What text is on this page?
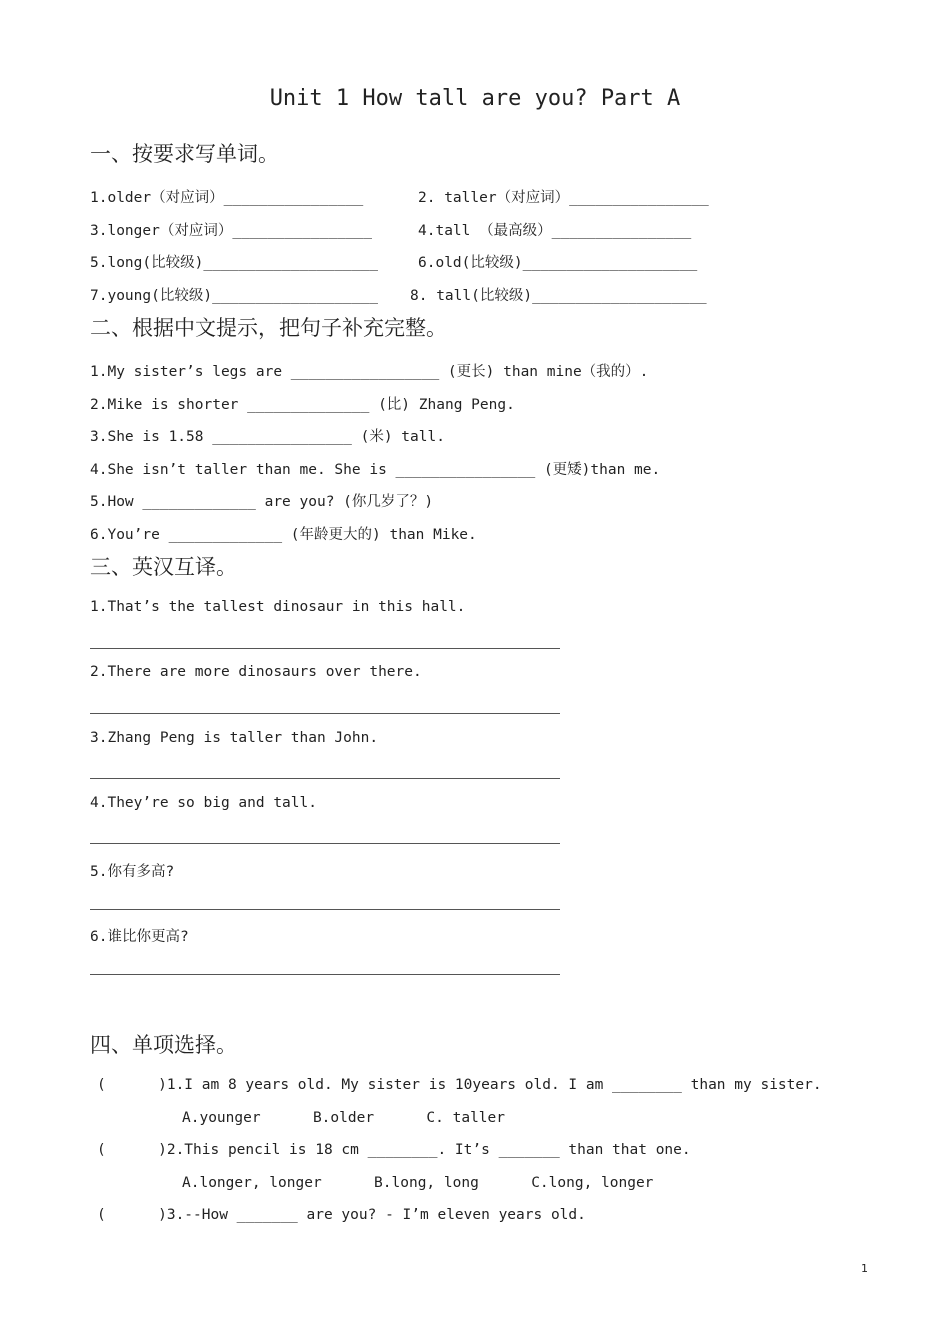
Unit 1 How tall are you? Part A
一、按要求写单词。
1.older（对应词）________________	2. taller（对应词）________________
3.longer（对应词）________________	4.tall （最高级）________________
5.long(比较级)____________________	6.old(比较级)____________________
7.young(比较级)___________________ 8. tall(比较级)____________________
二、根据中文提示，把句子补充完整。
1.My sister’s legs are _________________ (更长) than mine（我的）.
2.Mike is shorter ______________ (比) Zhang Peng.
3.She is 1.58 ________________ (米) tall.
4.She isn’t taller than me. She is ________________ (更矮)than me.
5.How _____________ are you? (你几岁了？)
6.You’re _____________ (年龄更大的) than Mike.
三、英汉互译。
1.That’s the tallest dinosaur in this hall.
2.There are more dinosaurs over there.
3.Zhang Peng is taller than John.
4.They’re so big and tall.
5.你有多高?
6.谁比你更高?
四、单项选择。
(      )1.I am 8 years old. My sister is 10years old. I am ________ than my sister.
A.younger      B.older      C. taller
(      )2.This pencil is 18 cm ________. It’s _______ than that one.
A.longer, longer      B.long, long      C.long, longer
(      )3.--How _______ are you? - I’m eleven years old.
1
